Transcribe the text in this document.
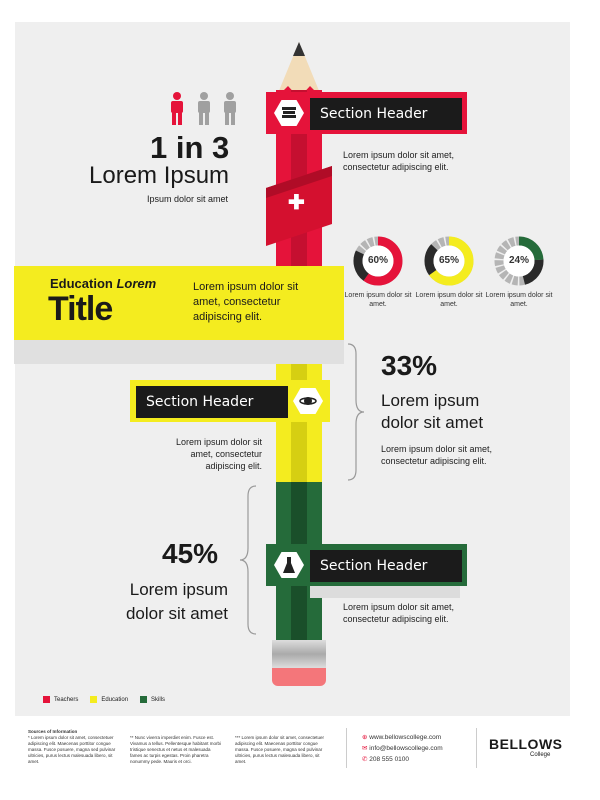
1 in 3
Lorem Ipsum
Ipsum dolor sit amet	✚
Section Header
Lorem ipsum dolor sit amet, consectetur adipiscing elit.
Education Lorem
Title
Lorem ipsum dolor sit amet, consectetur adipiscing elit.
60%
Lorem ipsum dolor sit amet.
65%
Lorem ipsum dolor sit amet.
24%
Lorem ipsum dolor sit amet.
33%
Lorem ipsum dolor sit amet
Lorem ipsum dolor sit amet, consectetur adipiscing elit.
Section Header
Lorem ipsum dolor sit amet, consectetur adipiscing elit.
45%
Lorem ipsum dolor sit amet
Section Header
Lorem ipsum dolor sit amet, consectetur adipiscing elit.
Teachers	Education	Skills
Sources of Information
* Lorem ipsum dolor sit amet, consectetuer adipiscing elit. Maecenas porttitor congue massa. Fusce posuere, magna sed pulvinar ultricies, purus lectus malesuada libero, sit amet.
** Nunc viverra imperdiet enim. Fusce est. Vivamus a tellus. Pellentesque habitant morbi tristique senectus et netus et malesuada fames ac turpis egestas. Proin pharetra nonummy pede. Mauris et orci.
*** Lorem ipsum dolor sit amet, consectetuer adipiscing elit. Maecenas porttitor congue massa. Fusce posuere, magna sed pulvinar ultricies, purus lectus malesuada libero, sit amet.
⊕ www.bellowscollege.com
✉ info@bellowscollege.com
✆ 208 555 0100
BELLOWS
College
